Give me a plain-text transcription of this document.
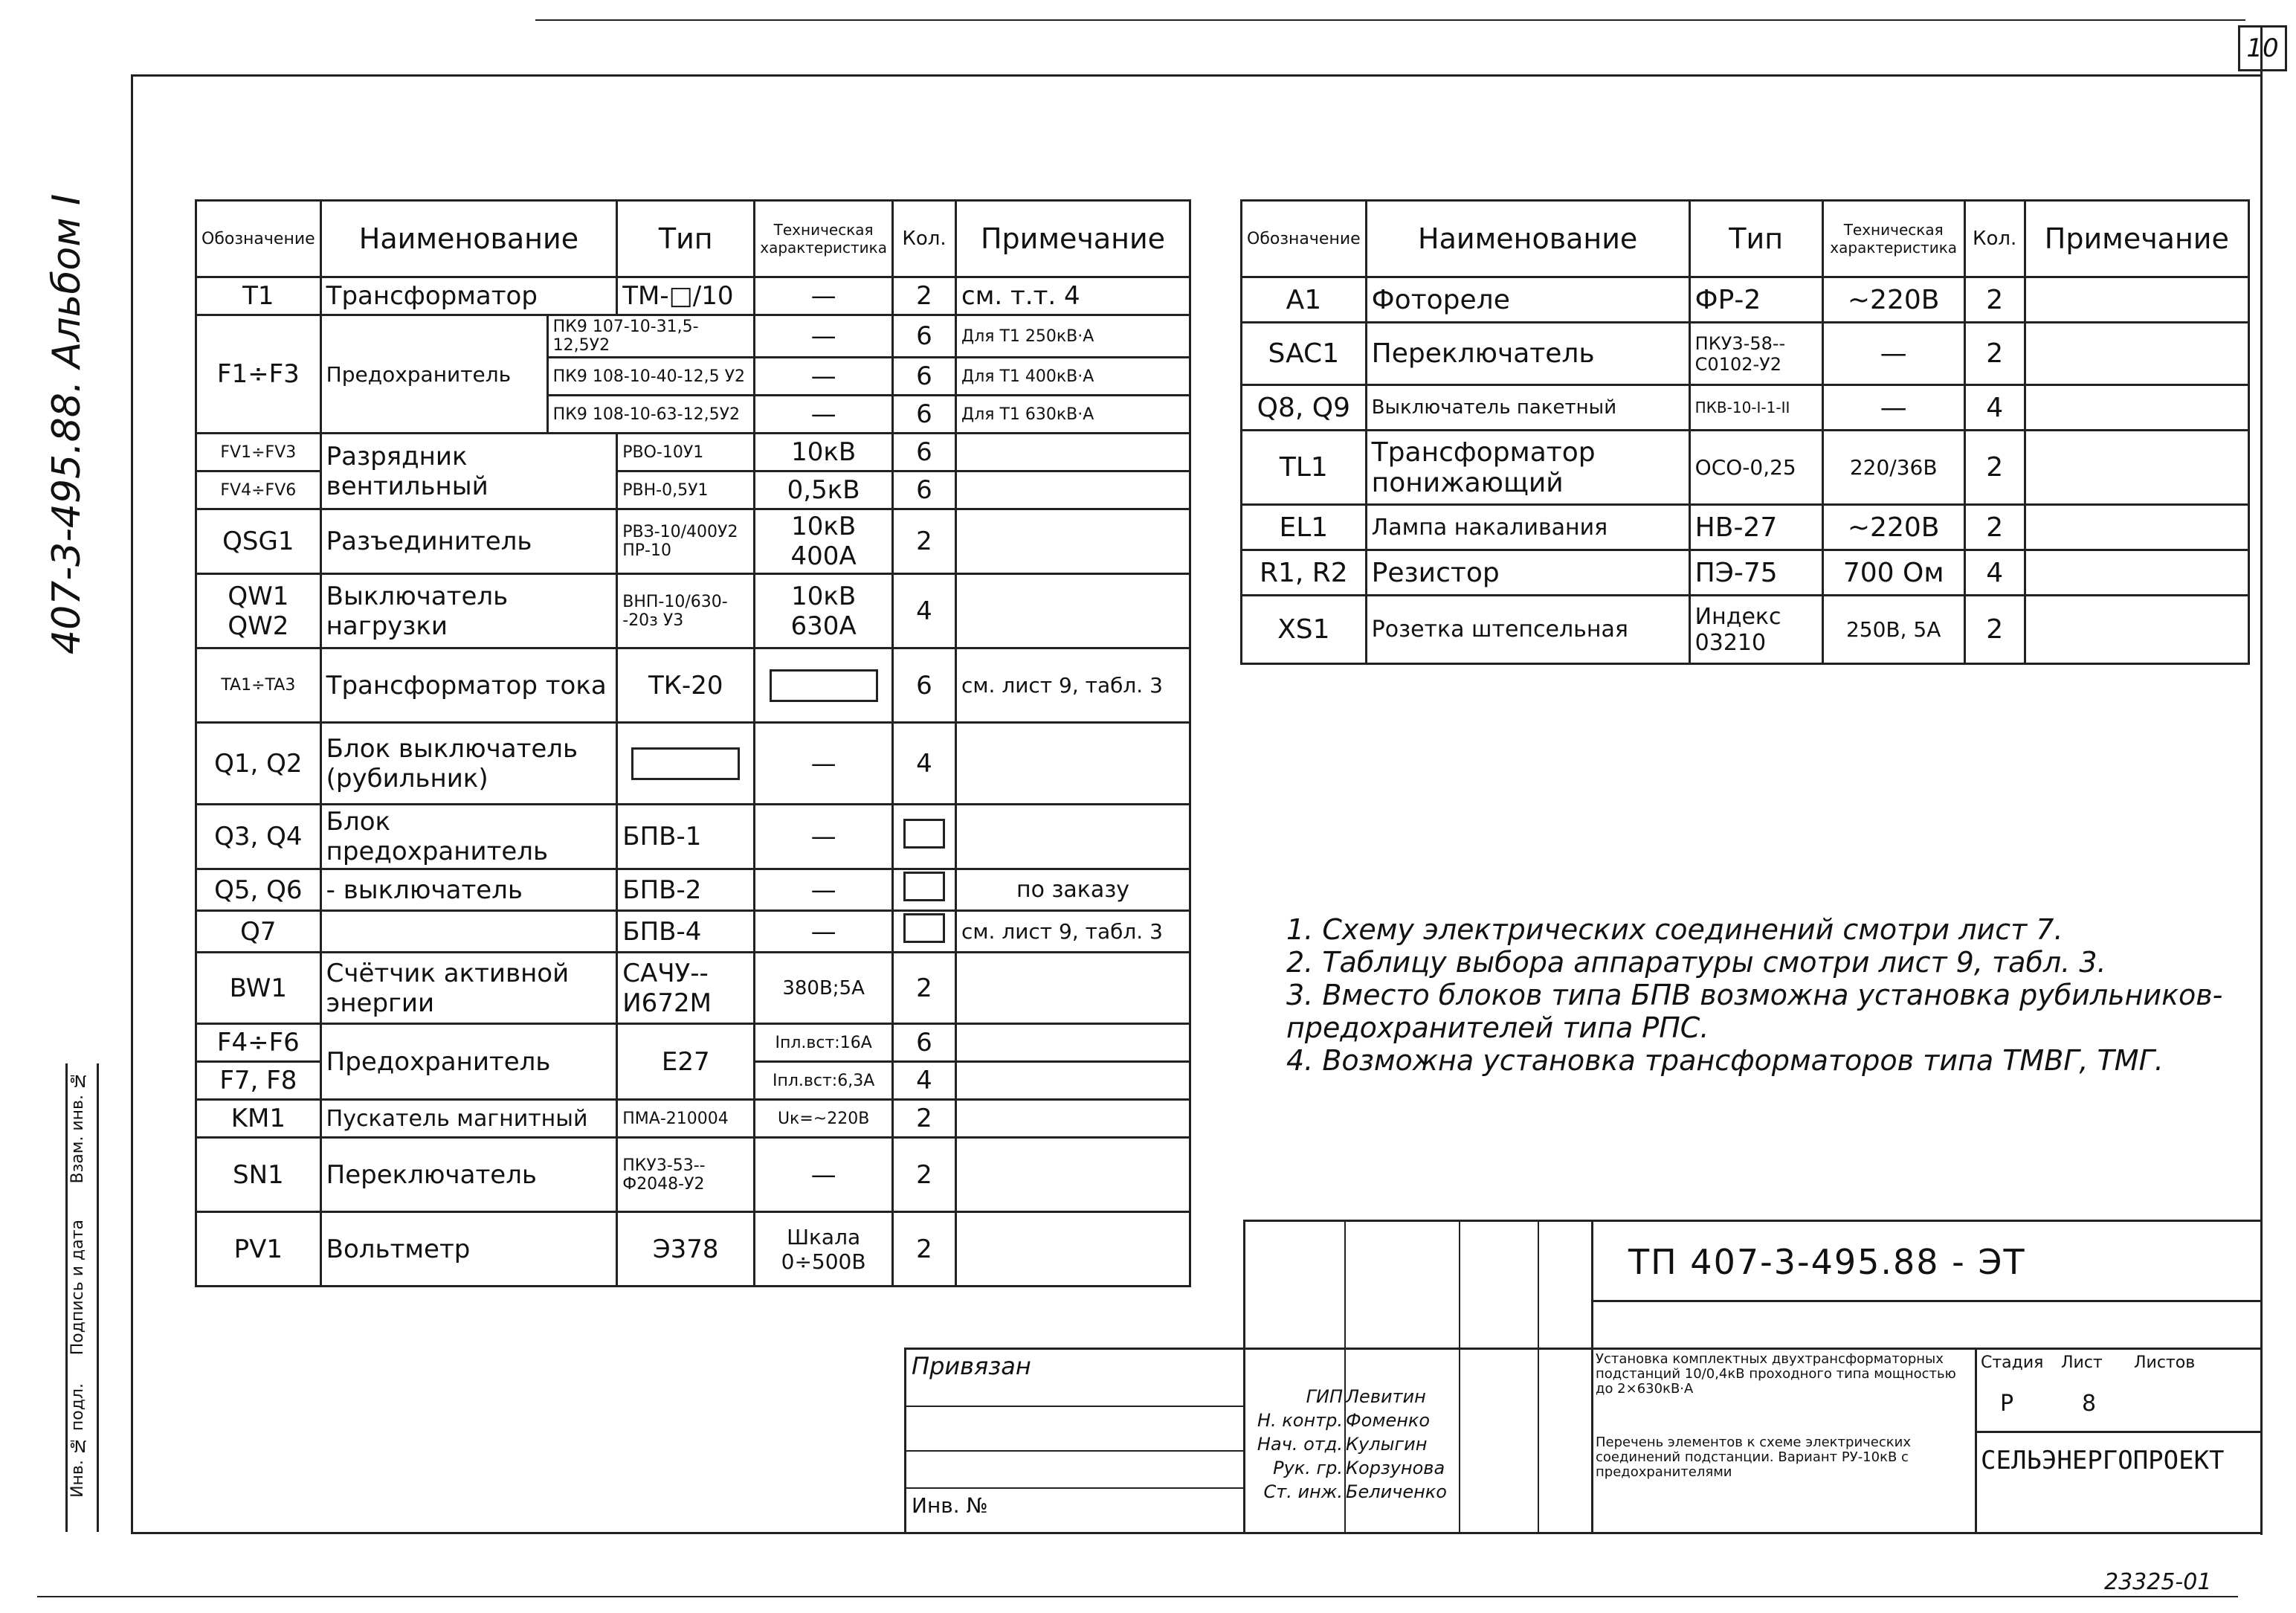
10
407-3-495.88. Альбом I	Обозначение	Наименование		Тип	Техническая характеристика	Кол.	Примечание
T1	Трансформатор		ТМ-□/10	—	2	см. т.т. 4
F1÷F3	Предохранитель	ПК9 107-10-31,5-12,5У2		—	6	Для Т1 250кВ·А
		ПК9 108-10-40-12,5 У2		—	6	Для Т1 400кВ·А
		ПК9 108-10-63-12,5У2		—	6	Для Т1 630кВ·А
FV1÷FV3	Разрядник вентильный		РВО-10У1	10кВ	6	
FV4÷FV6			РВН-0,5У1	0,5кВ	6	
QSG1	Разъединитель		РВЗ-10/400У2 ПР-10	10кВ 400А	2	
QW1 QW2	Выключатель нагрузки		ВНП-10/630--20з У3	10кВ 630А	4	
TA1÷TA3	Трансформатор тока		ТК-20		6	см. лист 9, табл. 3
Q1, Q2	Блок выключатель (рубильник)			—	4	
Q3, Q4	Блок предохранитель		БПВ-1	—		
Q5, Q6	- выключатель		БПВ-2	—		по заказу
Q7			БПВ-4	—		см. лист 9, табл. 3
BW1	Счётчик активной энергии		САЧУ--И672М	380В;5А	2	
F4÷F6	Предохранитель		Е27	Iпл.вст:16А	6	
F7, F8				Iпл.вст:6,3А	4	
KM1	Пускатель магнитный		ПМА-210004	Uк=~220В	2	
SN1	Переключатель		ПКУ3-53--Ф2048-У2	—	2	
PV1	Вольтметр		Э378	Шкала 0÷500В	2	
Обозначение	Наименование	Тип	Техническая характеристика	Кол.	Примечание
A1	Фотореле	ФР-2	~220В	2	
SAC1	Переключатель	ПКУ3-58--С0102-У2	—	2	
Q8, Q9	Выключатель пакетный	ПКВ-10-I-1-II	—	4	
TL1	Трансформатор понижающий	ОСО-0,25	220/36В	2	
EL1	Лампа накаливания	НВ-27	~220В	2	
R1, R2	Резистор	ПЭ-75	700 Ом	4	
XS1	Розетка штепсельная	Индекс 03210	250В, 5А	2	
1. Схему электрических соединений смотри лист 7.
2. Таблицу выбора аппаратуры смотри лист 9, табл. 3.
3. Вместо блоков типа БПВ возможна установка рубильников-предохранителей типа РПС.
4. Возможна установка трансформаторов типа ТМВГ, ТМГ.
ТП 407-3-495.88 - ЭТ
Привязан
Инв. №
ГИП
Н. контр.
Нач. отд.
Рук. гр.
Ст. инж.
Левитин
Фоменко
Кулыгин
Корзунова
Беличенко
Установка комплектных двухтрансформаторных подстанций 10/0,4кВ проходного типа мощностью до 2×630кВ·А
Перечень элементов к схеме электрических соединений подстанции. Вариант РУ-10кВ с предохранителями
Стадия Лист Листов
Р	8
СЕЛЬЭНЕРГОПРОЕКТ
Инв. № подл.
Подпись и дата
Взам. инв. №
23325-01
